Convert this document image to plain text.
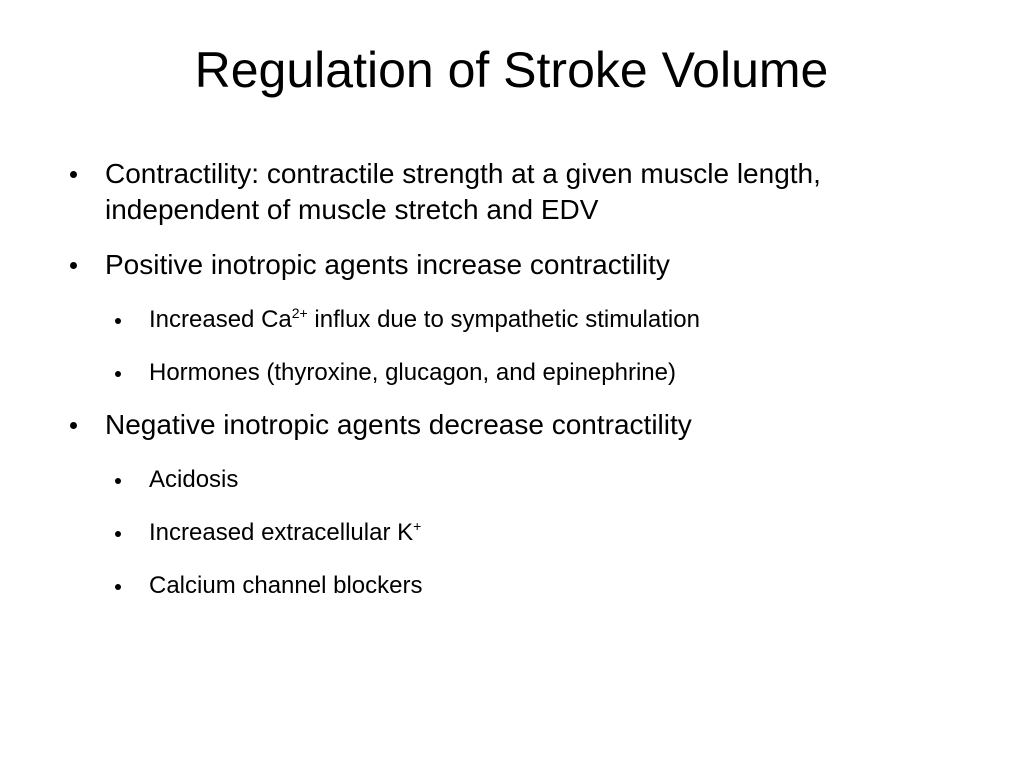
Regulation of Stroke Volume
Contractility: contractile strength at a given muscle length,
independent of muscle stretch and EDV
Positive inotropic agents increase contractility
Increased $Ca^{2+}$ influx due to sympathetic stimulation
Hormones (thyroxine, glucagon, and epinephrine)
Negative inotropic agents decrease contractility
Acidosis
Increased extracellular K+
Calcium channel blockers
